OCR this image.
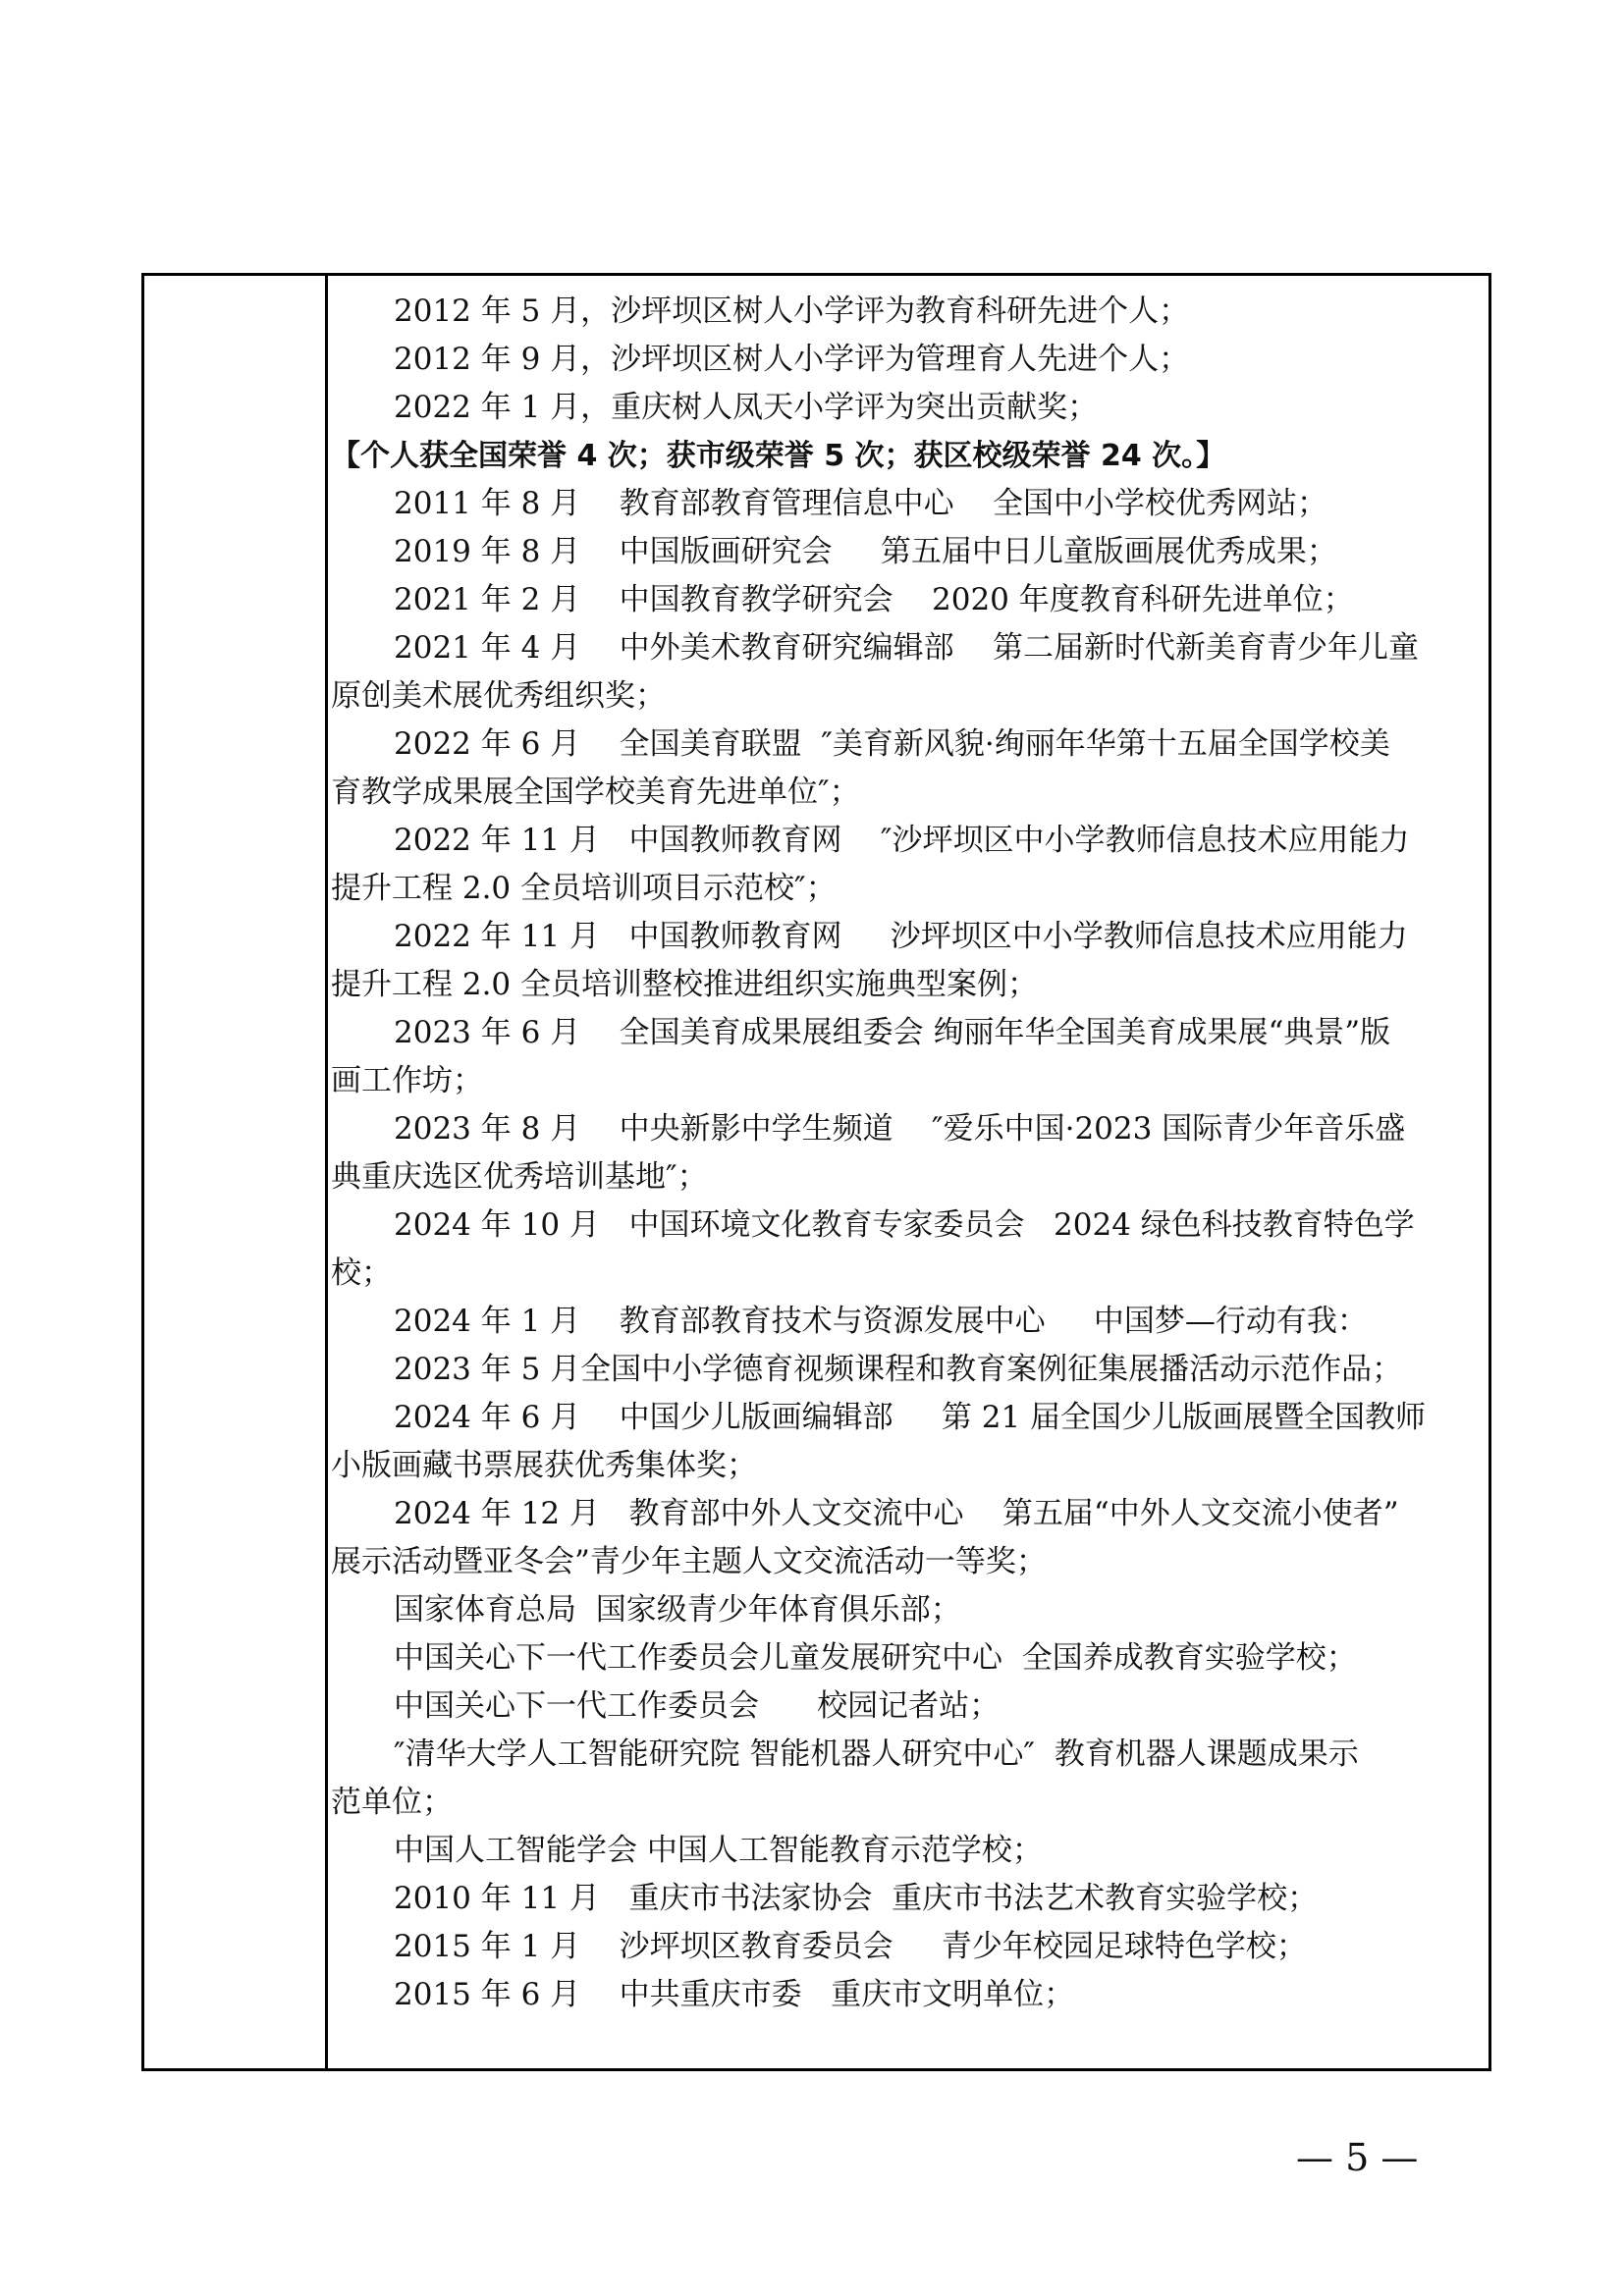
2012 年 5 月，沙坪坝区树人小学评为教育科研先进个人；
2012 年 9 月，沙坪坝区树人小学评为管理育人先进个人；
2022 年 1 月，重庆树人凤天小学评为突出贡献奖；
【个人获全国荣誉 4 次；获市级荣誉 5 次；获区校级荣誉 24 次。】
2011 年 8 月    教育部教育管理信息中心    全国中小学校优秀网站；
2019 年 8 月    中国版画研究会     第五届中日儿童版画展优秀成果；
2021 年 2 月    中国教育教学研究会    2020 年度教育科研先进单位；
2021 年 4 月    中外美术教育研究编辑部    第二届新时代新美育青少年儿童
原创美术展优秀组织奖；
2022 年 6 月    全国美育联盟  ″美育新风貌·绚丽年华第十五届全国学校美
育教学成果展全国学校美育先进单位″；
2022 年 11 月   中国教师教育网    ″沙坪坝区中小学教师信息技术应用能力
提升工程 2.0 全员培训项目示范校″；
2022 年 11 月   中国教师教育网     沙坪坝区中小学教师信息技术应用能力
提升工程 2.0 全员培训整校推进组织实施典型案例；
2023 年 6 月    全国美育成果展组委会 绚丽年华全国美育成果展“典景”版
画工作坊；
2023 年 8 月    中央新影中学生频道    ″爱乐中国·2023 国际青少年音乐盛
典重庆选区优秀培训基地″；
2024 年 10 月   中国环境文化教育专家委员会   2024 绿色科技教育特色学
校；
2024 年 1 月    教育部教育技术与资源发展中心     中国梦—行动有我：
2023 年 5 月全国中小学德育视频课程和教育案例征集展播活动示范作品；
2024 年 6 月    中国少儿版画编辑部     第 21 届全国少儿版画展暨全国教师
小版画藏书票展获优秀集体奖；
2024 年 12 月   教育部中外人文交流中心    第五届“中外人文交流小使者”
展示活动暨亚冬会”青少年主题人文交流活动一等奖；
国家体育总局  国家级青少年体育俱乐部；
中国关心下一代工作委员会儿童发展研究中心  全国养成教育实验学校；
中国关心下一代工作委员会      校园记者站；
″清华大学人工智能研究院 智能机器人研究中心″  教育机器人课题成果示
范单位；
中国人工智能学会 中国人工智能教育示范学校；
2010 年 11 月   重庆市书法家协会  重庆市书法艺术教育实验学校；
2015 年 1 月    沙坪坝区教育委员会     青少年校园足球特色学校；
2015 年 6 月    中共重庆市委   重庆市文明单位；
— 5 —
